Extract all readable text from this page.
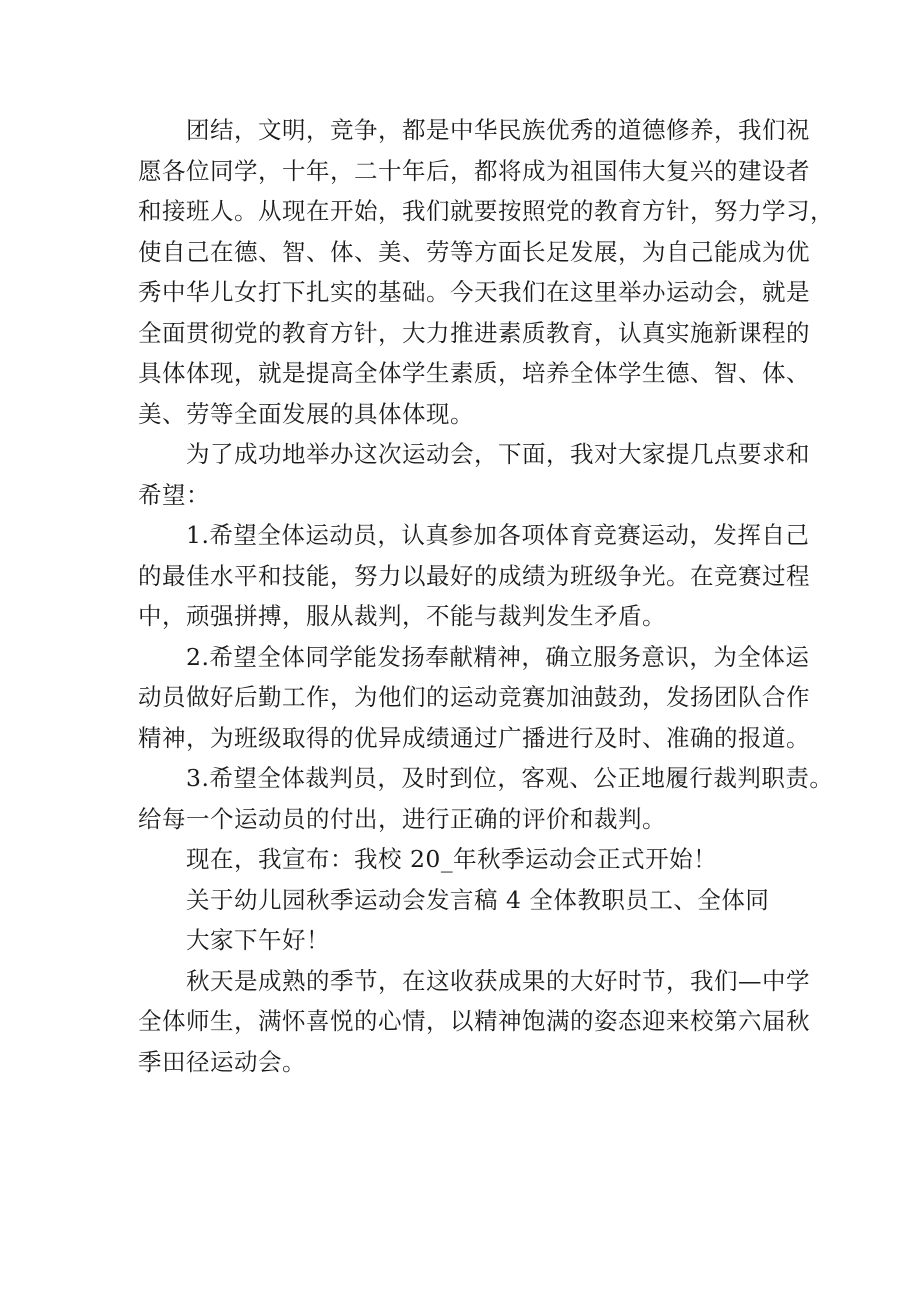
团结，文明，竞争，都是中华民族优秀的道德修养，我们祝
愿各位同学，十年，二十年后，都将成为祖国伟大复兴的建设者
和接班人。从现在开始，我们就要按照党的教育方针，努力学习，
使自己在德、智、体、美、劳等方面长足发展，为自己能成为优
秀中华儿女打下扎实的基础。今天我们在这里举办运动会，就是
全面贯彻党的教育方针，大力推进素质教育，认真实施新课程的
具体体现，就是提高全体学生素质，培养全体学生德、智、体、
美、劳等全面发展的具体体现。
为了成功地举办这次运动会，下面，我对大家提几点要求和
希望：
1.希望全体运动员，认真参加各项体育竞赛运动，发挥自己
的最佳水平和技能，努力以最好的成绩为班级争光。在竞赛过程
中，顽强拼搏，服从裁判，不能与裁判发生矛盾。
2.希望全体同学能发扬奉献精神，确立服务意识，为全体运
动员做好后勤工作，为他们的运动竞赛加油鼓劲，发扬团队合作
精神，为班级取得的优异成绩通过广播进行及时、准确的报道。
3.希望全体裁判员，及时到位，客观、公正地履行裁判职责。
给每一个运动员的付出，进行正确的评价和裁判。
现在，我宣布：我校 20_年秋季运动会正式开始！
关于幼儿园秋季运动会发言稿 4 全体教职员工、全体同
大家下午好！
秋天是成熟的季节，在这收获成果的大好时节，我们—中学
全体师生，满怀喜悦的心情，以精神饱满的姿态迎来校第六届秋
季田径运动会。
